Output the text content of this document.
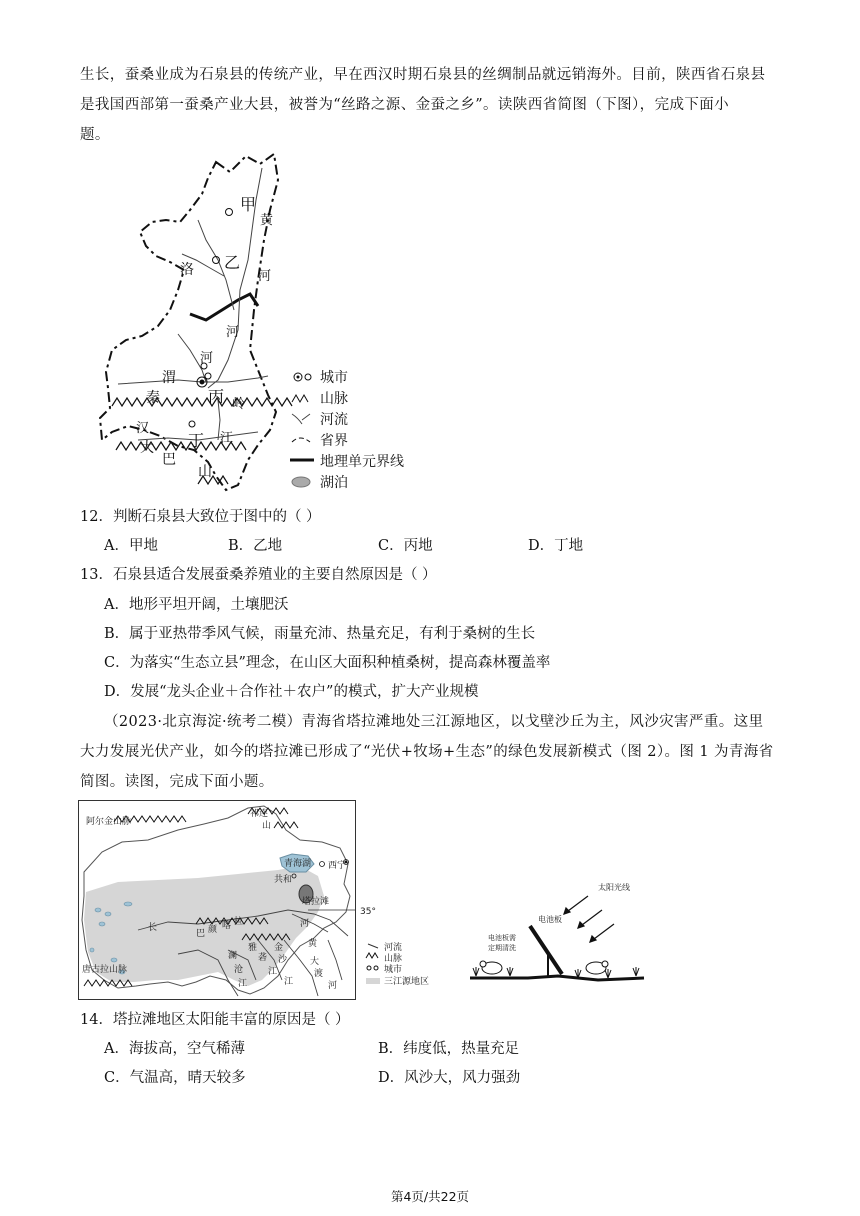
生长，蚕桑业成为石泉县的传统产业，早在西汉时期石泉县的丝绸制品就远销海外。目前，陕西省石泉县
是我国西部第一蚕桑产业大县，被誉为“丝路之源、金蚕之乡”。读陕西省简图（下图），完成下面小
题。
甲
黄
河
洛 乙
河
河
渭
秦	丙 岭
汉
江
丁
大
巴
山
城市
山脉
河流
省界
地理单元界线
湖泊
12．判断石泉县大致位于图中的（ ）
A．甲地	B．乙地	C．丙地	D．丁地
13．石泉县适合发展蚕桑养殖业的主要自然原因是（ ）
A．地形平坦开阔，土壤肥沃
B．属于亚热带季风气候，雨量充沛、热量充足，有利于桑树的生长
C．为落实“生态立县”理念，在山区大面积种植桑树，提高森林覆盖率
D．发展“龙头企业＋合作社＋农户”的模式，扩大产业规模
（2023·北京海淀·统考二模）青海省塔拉滩地处三江源地区，以戈壁沙丘为主，风沙灾害严重。这里
大力发展光伏产业，如今的塔拉滩已形成了“光伏+牧场+生态”的绿色发展新模式（图 2）。图 1 为青海省
简图。读图，完成下面小题。
阿尔金山脉
祁连
山
青海湖 西宁
共和
塔拉滩
35°
河
黄
长
巴 颜 喀 拉
澜
沧
江
雅
砻
江
金
沙
江
大
渡
河
唐古拉山脉
河流
山脉
城市
三江源地区
太阳光线
电池板
电池板需
定期清洗
14．塔拉滩地区太阳能丰富的原因是（ ）
A．海拔高，空气稀薄	B．纬度低，热量充足
C．气温高，晴天较多	D．风沙大，风力强劲
第4页/共22页
